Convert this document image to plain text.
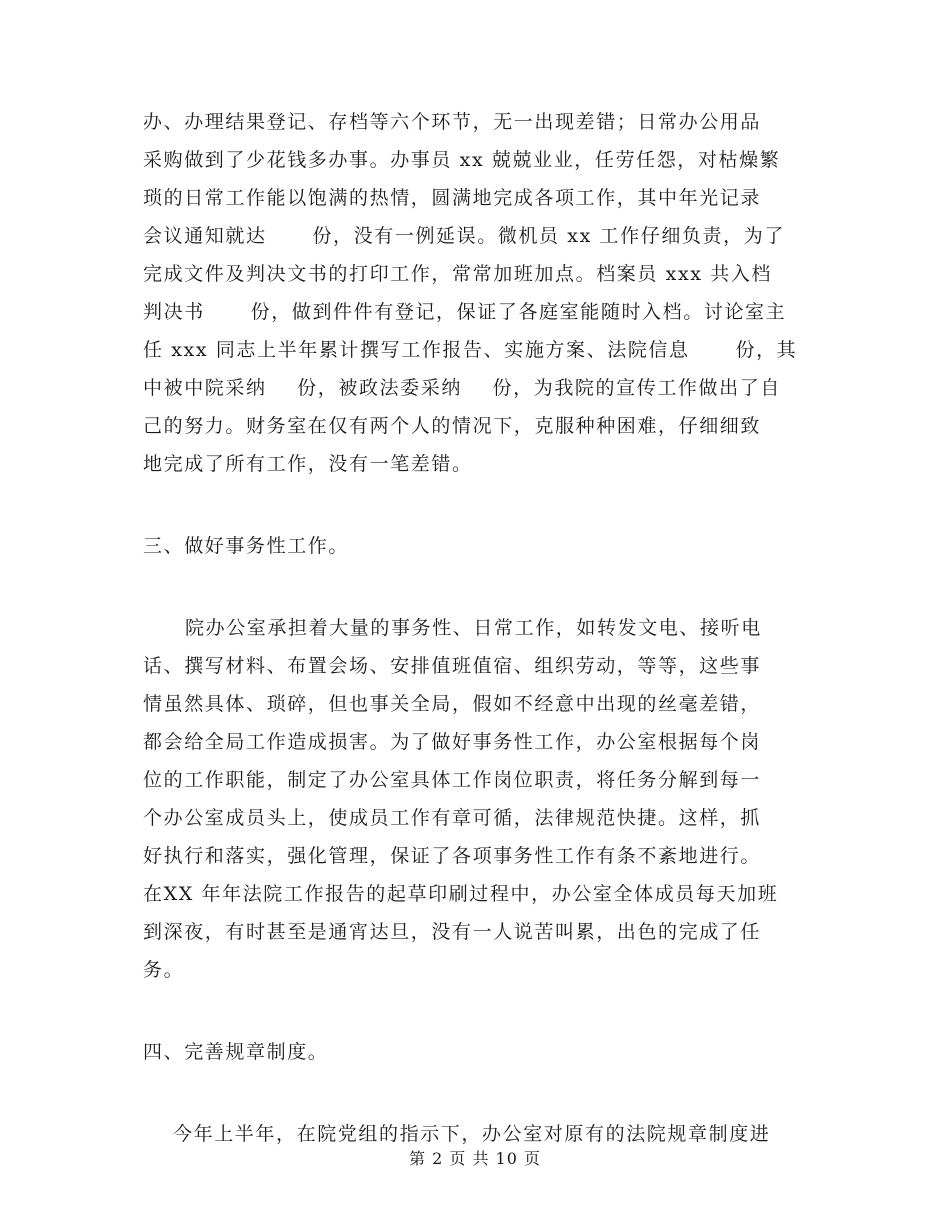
办、办理结果登记、存档等六个环节，无一出现差错；日常办公用品
采购做到了少花钱多办事。办事员 xx 兢兢业业，任劳任怨，对枯燥繁
琐的日常工作能以饱满的热情，圆满地完成各项工作，其中年光记录
会议通知就达      份，没有一例延误。微机员 xx 工作仔细负责，为了
完成文件及判决文书的打印工作，常常加班加点。档案员 xxx 共入档
判决书      份，做到件件有登记，保证了各庭室能随时入档。讨论室主
任 xxx 同志上半年累计撰写工作报告、实施方案、法院信息      份，其
中被中院采纳    份，被政法委采纳    份，为我院的宣传工作做出了自
己的努力。财务室在仅有两个人的情况下，克服种种困难，仔细细致
地完成了所有工作，没有一笔差错。
三、做好事务性工作。
院办公室承担着大量的事务性、日常工作，如转发文电、接听电
话、撰写材料、布置会场、安排值班值宿、组织劳动，等等，这些事
情虽然具体、琐碎，但也事关全局，假如不经意中出现的丝毫差错，
都会给全局工作造成损害。为了做好事务性工作，办公室根据每个岗
位的工作职能，制定了办公室具体工作岗位职责，将任务分解到每一
个办公室成员头上，使成员工作有章可循，法律规范快捷。这样，抓
好执行和落实，强化管理，保证了各项事务性工作有条不紊地进行。
在XX 年年法院工作报告的起草印刷过程中，办公室全体成员每天加班
到深夜，有时甚至是通宵达旦，没有一人说苦叫累，出色的完成了任
务。
四、完善规章制度。
今年上半年，在院党组的指示下，办公室对原有的法院规章制度进
第 2 页 共 10 页
